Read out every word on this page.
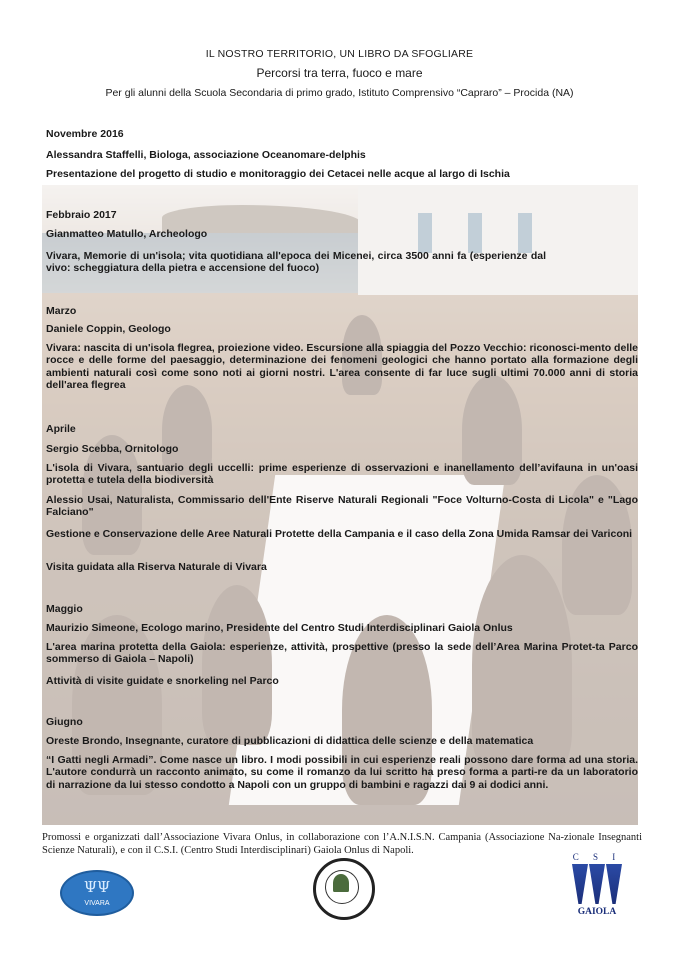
IL NOSTRO TERRITORIO, UN LIBRO DA SFOGLIARE
Percorsi tra terra, fuoco e mare
Per gli alunni della Scuola Secondaria di primo grado, Istituto Comprensivo “Capraro” – Procida (NA)
Novembre 2016
Alessandra Staffelli, Biologa, associazione Oceanomare-delphis
Presentazione del progetto di studio e monitoraggio dei Cetacei nelle acque al largo di Ischia
Febbraio 2017
Gianmatteo Matullo, Archeologo
Vivara, Memorie di un'isola; vita quotidiana all'epoca dei Micenei, circa 3500 anni fa (esperienze dal vivo: scheggiatura della pietra e accensione del fuoco)
Marzo
Daniele Coppin, Geologo
Vivara: nascita di un'isola flegrea, proiezione video. Escursione alla spiaggia del Pozzo Vecchio: riconosci-mento delle rocce e delle forme del paesaggio, determinazione dei fenomeni geologici che hanno portato alla formazione degli ambienti naturali così come sono noti ai giorni nostri. L'area consente di far luce sugli ultimi 70.000 anni di storia dell'area flegrea
Aprile
Sergio Scebba, Ornitologo
L'isola di Vivara, santuario degli uccelli: prime esperienze di osservazioni e inanellamento dell’avifauna in un'oasi protetta e tutela della biodiversità
Alessio Usai, Naturalista, Commissario dell'Ente Riserve Naturali Regionali "Foce Volturno-Costa di Licola" e "Lago Falciano"
Gestione e Conservazione delle Aree Naturali Protette della Campania e il caso della Zona Umida Ramsar dei Variconi
Visita guidata alla Riserva Naturale di Vivara
Maggio
Maurizio Simeone, Ecologo marino, Presidente del Centro Studi Interdisciplinari Gaiola Onlus
L'area marina protetta della Gaiola: esperienze, attività, prospettive (presso la sede dell’Area Marina Protet-ta Parco sommerso di Gaiola – Napoli)
Attività di visite guidate e snorkeling nel Parco
Giugno
Oreste Brondo, Insegnante, curatore di pubblicazioni di didattica delle scienze e della matematica
“I Gatti negli Armadi”. Come nasce un libro. I modi possibili in cui esperienze reali possono dare forma ad una storia. L'autore condurrà un racconto animato, su come il romanzo da lui scritto ha preso forma a parti-re da un laboratorio di narrazione da lui stesso condotto a Napoli con un gruppo di bambini e ragazzi dai 9 ai dodici anni.
Promossi e organizzati dall’Associazione Vivara Onlus, in collaborazione con l’A.N.I.S.N. Campania (Associazione Na-zionale Insegnanti Scienze Naturali), e con il C.S.I. (Centro Studi Interdisciplinari) Gaiola Onlus di Napoli.
ΨΨ
VIVARA
C S I
GAIOLA
